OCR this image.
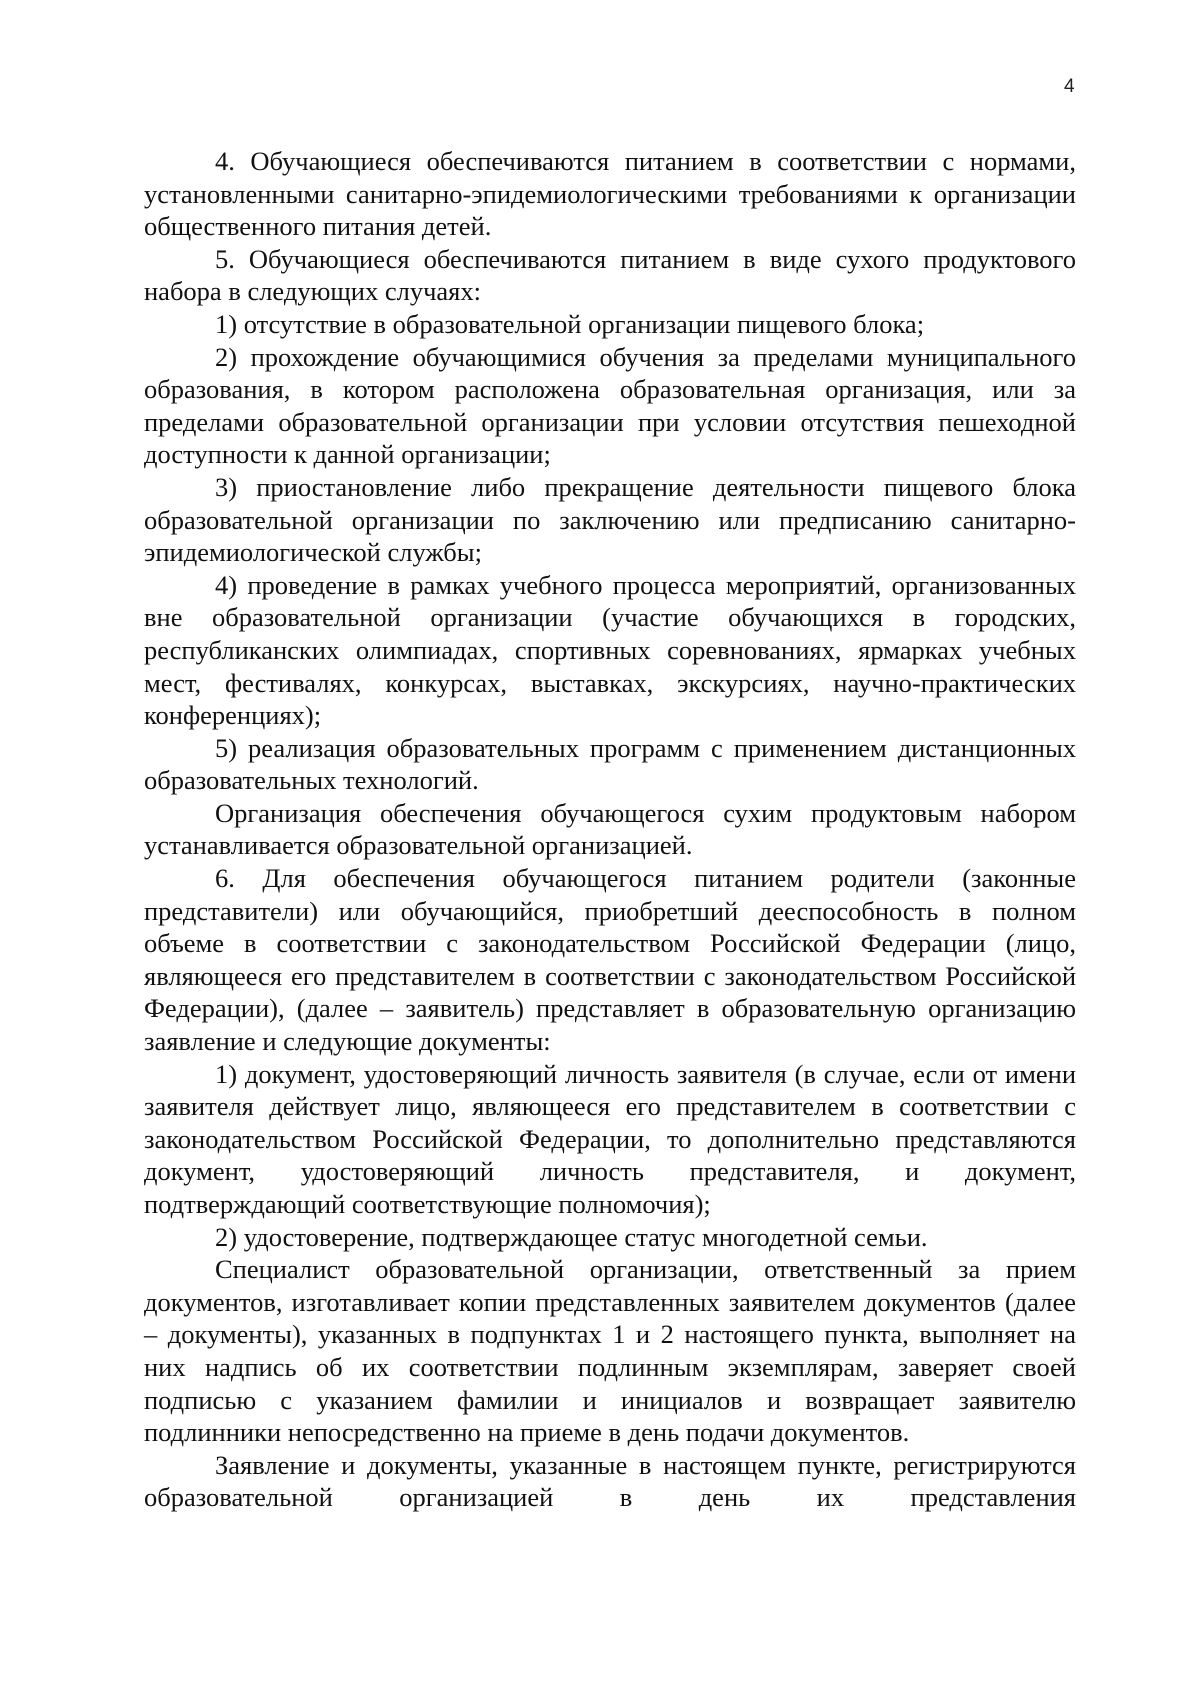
4

4. Обучающиеся обеспечиваются питанием в соответствии с нормами, установленными санитарно-эпидемиологическими требованиями к организации общественного питания детей.

5. Обучающиеся обеспечиваются питанием в виде сухого продуктового набора в следующих случаях:

1) отсутствие в образовательной организации пищевого блока;

2) прохождение обучающимися обучения за пределами муниципального образования, в котором расположена образовательная организация, или за пределами образовательной организации при условии отсутствия пешеходной доступности к данной организации;

3) приостановление либо прекращение деятельности пищевого блока образовательной организации по заключению или предписанию санитарно-эпидемиологической службы;

4) проведение в рамках учебного процесса мероприятий, организованных вне образовательной организации (участие обучающихся в городских, республиканских олимпиадах, спортивных соревнованиях, ярмарках учебных мест, фестивалях, конкурсах, выставках, экскурсиях, научно-практических конференциях);

5) реализация образовательных программ с применением дистанционных образовательных технологий.

Организация обеспечения обучающегося сухим продуктовым набором устанавливается образовательной организацией.

6. Для обеспечения обучающегося питанием родители (законные представители) или обучающийся, приобретший дееспособность в полном объеме в соответствии с законодательством Российской Федерации (лицо, являющееся его представителем в соответствии с законодательством Российской Федерации), (далее – заявитель) представляет в образовательную организацию заявление и следующие документы:

1) документ, удостоверяющий личность заявителя (в случае, если от имени заявителя действует лицо, являющееся его представителем в соответствии с законодательством Российской Федерации, то дополнительно представляются документ, удостоверяющий личность представителя, и документ, подтверждающий соответствующие полномочия);

2) удостоверение, подтверждающее статус многодетной семьи.

Специалист образовательной организации, ответственный за прием документов, изготавливает копии представленных заявителем документов (далее – документы), указанных в подпунктах 1 и 2 настоящего пункта, выполняет на них надпись об их соответствии подлинным экземплярам, заверяет своей подписью с указанием фамилии и инициалов и возвращает заявителю подлинники непосредственно на приеме в день подачи документов.

Заявление и документы, указанные в настоящем пункте, регистрируются образовательной организацией в день их представления
